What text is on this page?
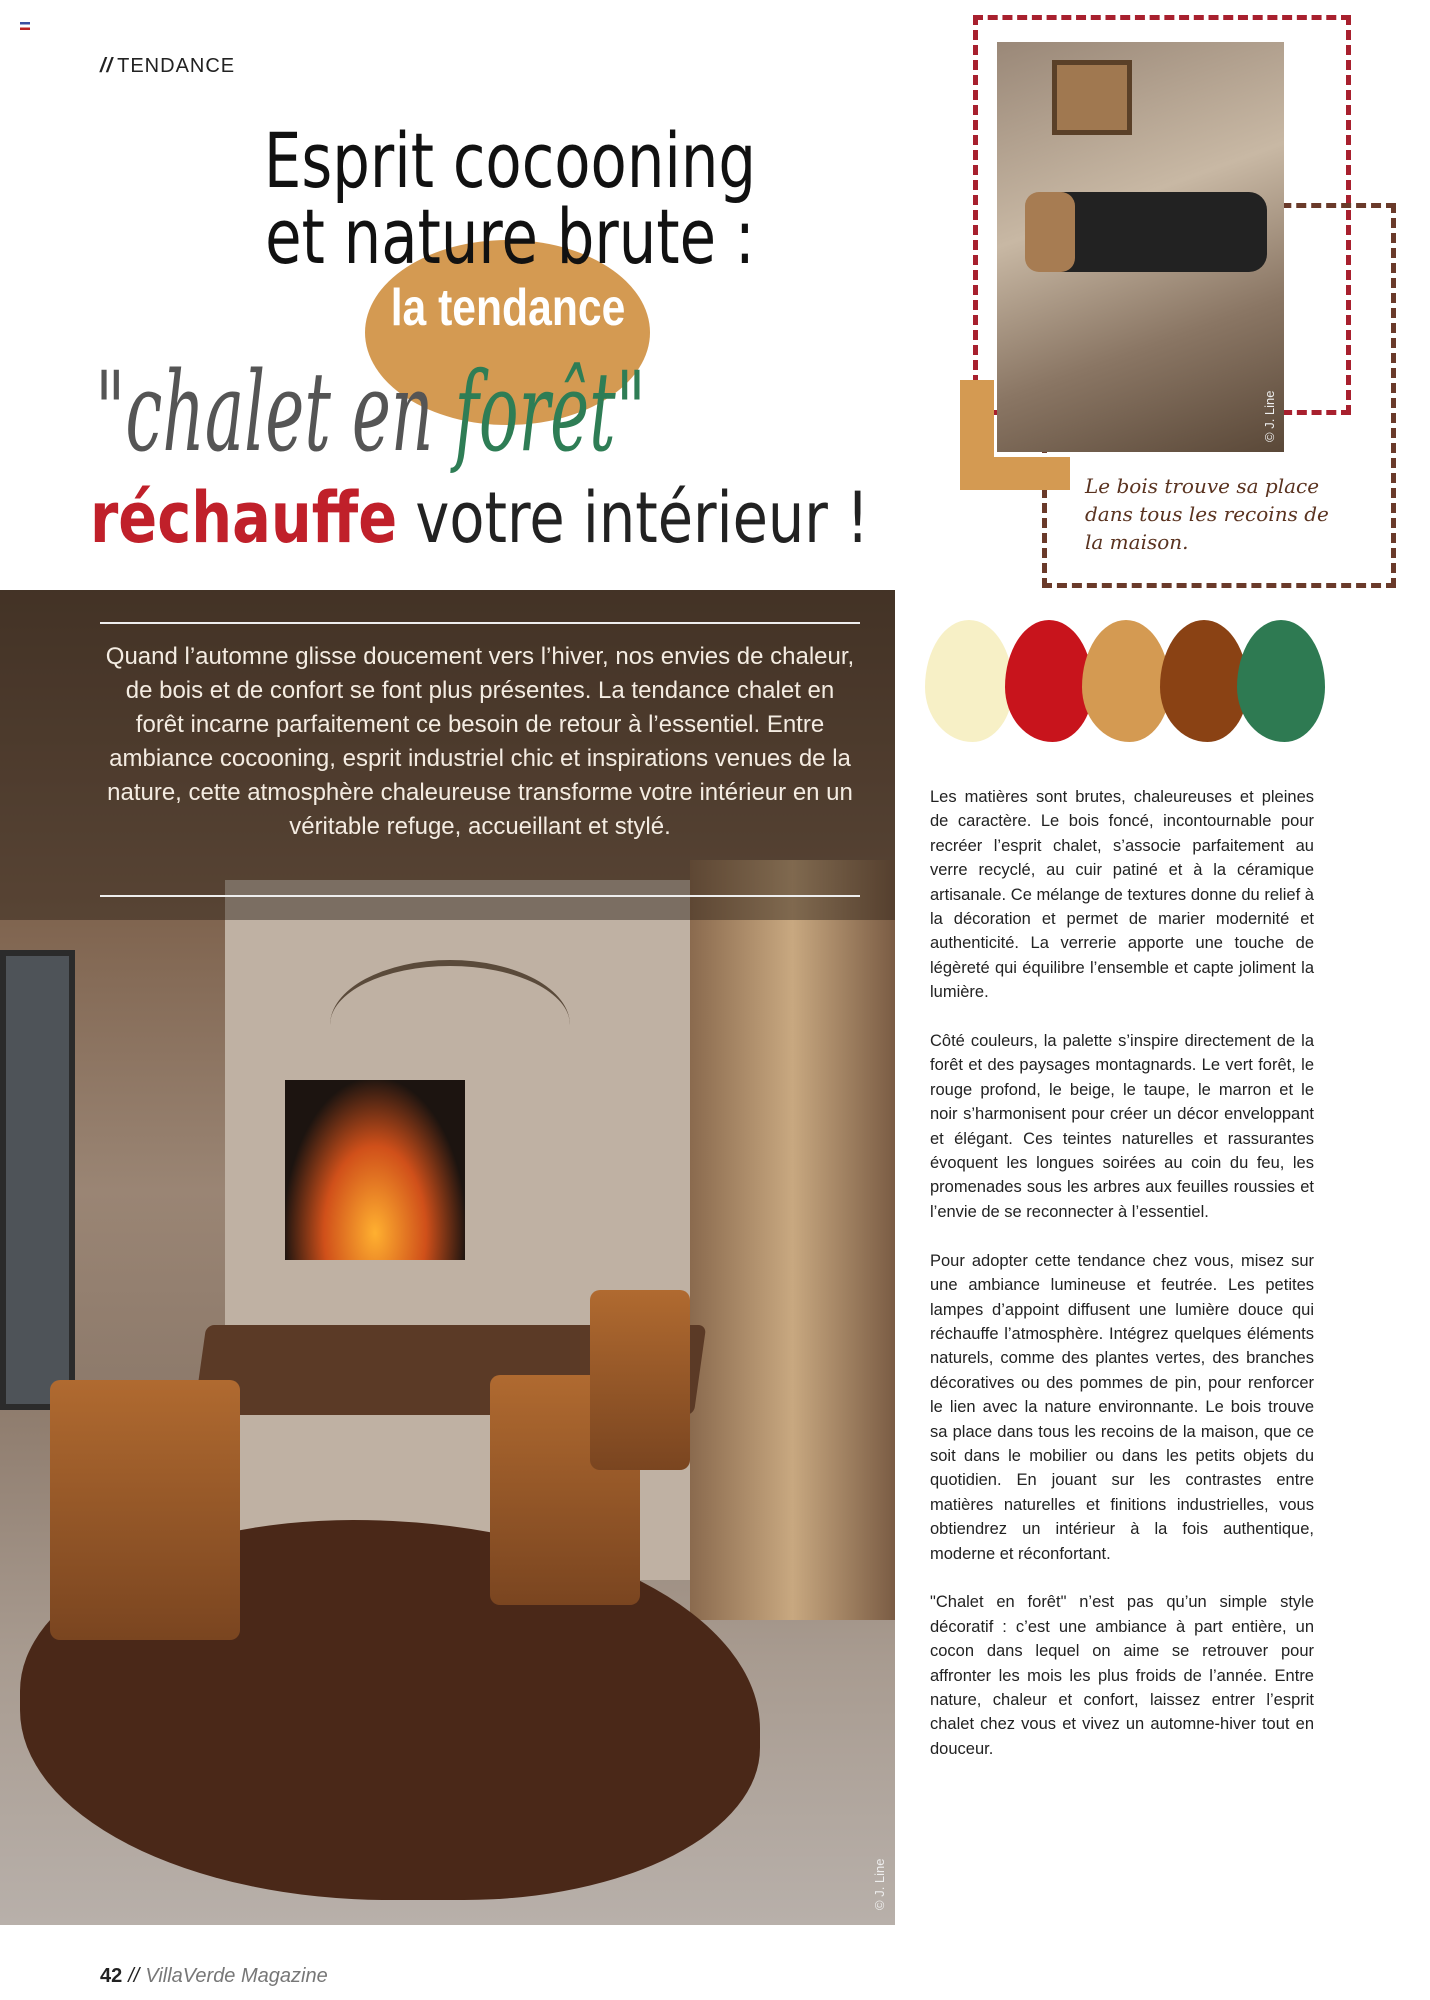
// TENDANCE
Esprit cocooning
et nature brute :
la tendance
"chalet en forêt"
réchauffe votre intérieur !
© J. Line
Quand l’automne glisse doucement vers l’hiver, nos envies de chaleur, de bois et de confort se font plus présentes. La tendance chalet en forêt incarne parfaitement ce besoin de retour à l’essentiel. Entre ambiance cocooning, esprit industriel chic et inspirations venues de la nature, cette atmosphère chaleureuse transforme votre intérieur en un véritable refuge, accueillant et stylé.
© J. Line
Le bois trouve sa place dans tous les recoins de la maison.

Les matières sont brutes, chaleureuses et pleines de caractère. Le bois foncé, incontournable pour recréer l’esprit chalet, s’associe parfaitement au verre recyclé, au cuir patiné et à la céramique artisanale. Ce mélange de textures donne du relief à la décoration et permet de marier modernité et authenticité. La verrerie apporte une touche de légèreté qui équilibre l’ensemble et capte joliment la lumière.

Côté couleurs, la palette s’inspire directement de la forêt et des paysages montagnards. Le vert forêt, le rouge profond, le beige, le taupe, le marron et le noir s’harmonisent pour créer un décor enveloppant et élégant. Ces teintes naturelles et rassurantes évoquent les longues soirées au coin du feu, les promenades sous les arbres aux feuilles roussies et l’envie de se reconnecter à l’essentiel.

Pour adopter cette tendance chez vous, misez sur une ambiance lumineuse et feutrée. Les petites lampes d’appoint diffusent une lumière douce qui réchauffe l’atmosphère. Intégrez quelques éléments naturels, comme des plantes vertes, des branches décoratives ou des pommes de pin, pour renforcer le lien avec la nature environnante. Le bois trouve sa place dans tous les recoins de la maison, que ce soit dans le mobilier ou dans les petits objets du quotidien. En jouant sur les contrastes entre matières naturelles et finitions industrielles, vous obtiendrez un intérieur à la fois authentique, moderne et réconfortant.

"Chalet en forêt" n’est pas qu’un simple style décoratif : c’est une ambiance à part entière, un cocon dans lequel on aime se retrouver pour affronter les mois les plus froids de l’année. Entre nature, chaleur et confort, laissez entrer l’esprit chalet chez vous et vivez un automne-hiver tout en douceur.

42 // VillaVerde Magazine
